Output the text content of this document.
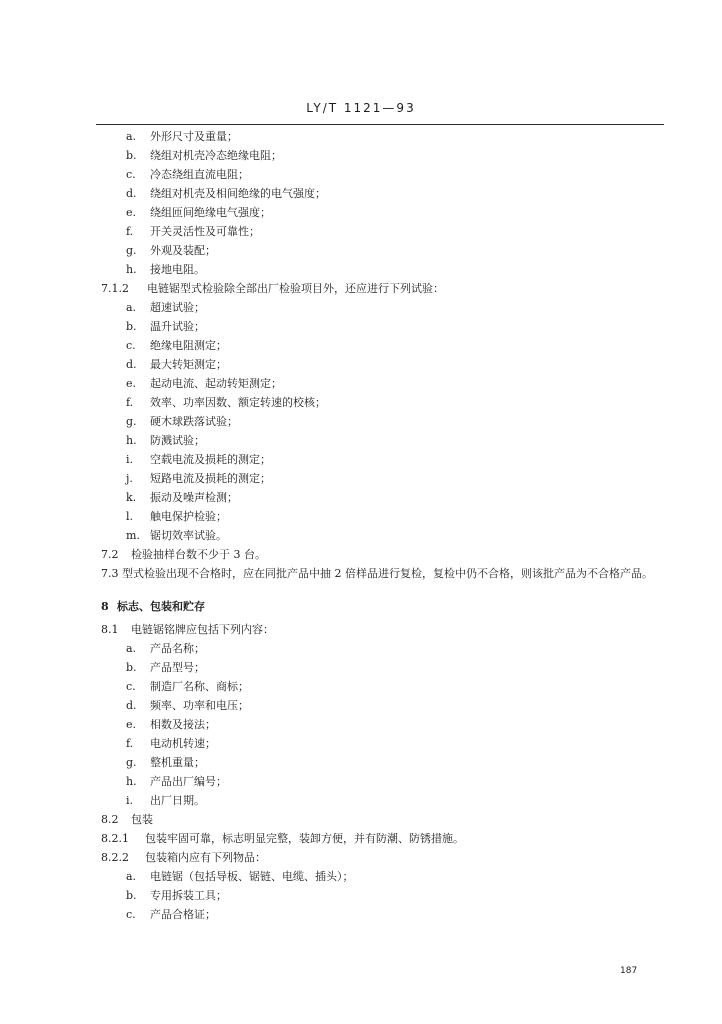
LY/T 1121—93
a. 外形尺寸及重量；
b. 绕组对机壳冷态绝缘电阻；
c. 冷态绕组直流电阻；
d. 绕组对机壳及相间绝缘的电气强度；
e. 绕组匝间绝缘电气强度；
f. 开关灵活性及可靠性；
g. 外观及装配；
h. 接地电阻。
7.1.2 电链锯型式检验除全部出厂检验项目外，还应进行下列试验：
a. 超速试验；
b. 温升试验；
c. 绝缘电阻测定；
d. 最大转矩测定；
e. 起动电流、起动转矩测定；
f. 效率、功率因数、额定转速的校核；
g. 硬木球跌落试验；
h. 防溅试验；
i. 空载电流及损耗的测定；
j. 短路电流及损耗的测定；
k. 振动及噪声检测；
l. 触电保护检验；
m. 锯切效率试验。
7.2 检验抽样台数不少于 3 台。
7.3 型式检验出现不合格时，应在同批产品中抽 2 倍样品进行复检，复检中仍不合格，则该批产品为不合格产品。
8 标志、包装和贮存
8.1 电链锯铭牌应包括下列内容：
a. 产品名称；
b. 产品型号；
c. 制造厂名称、商标；
d. 频率、功率和电压；
e. 相数及接法；
f. 电动机转速；
g. 整机重量；
h. 产品出厂编号；
i. 出厂日期。
8.2 包装
8.2.1 包装牢固可靠，标志明显完整，装卸方便，并有防潮、防锈措施。
8.2.2 包装箱内应有下列物品：
a. 电链锯（包括导板、锯链、电缆、插头）；
b. 专用拆装工具；
c. 产品合格证；
187
